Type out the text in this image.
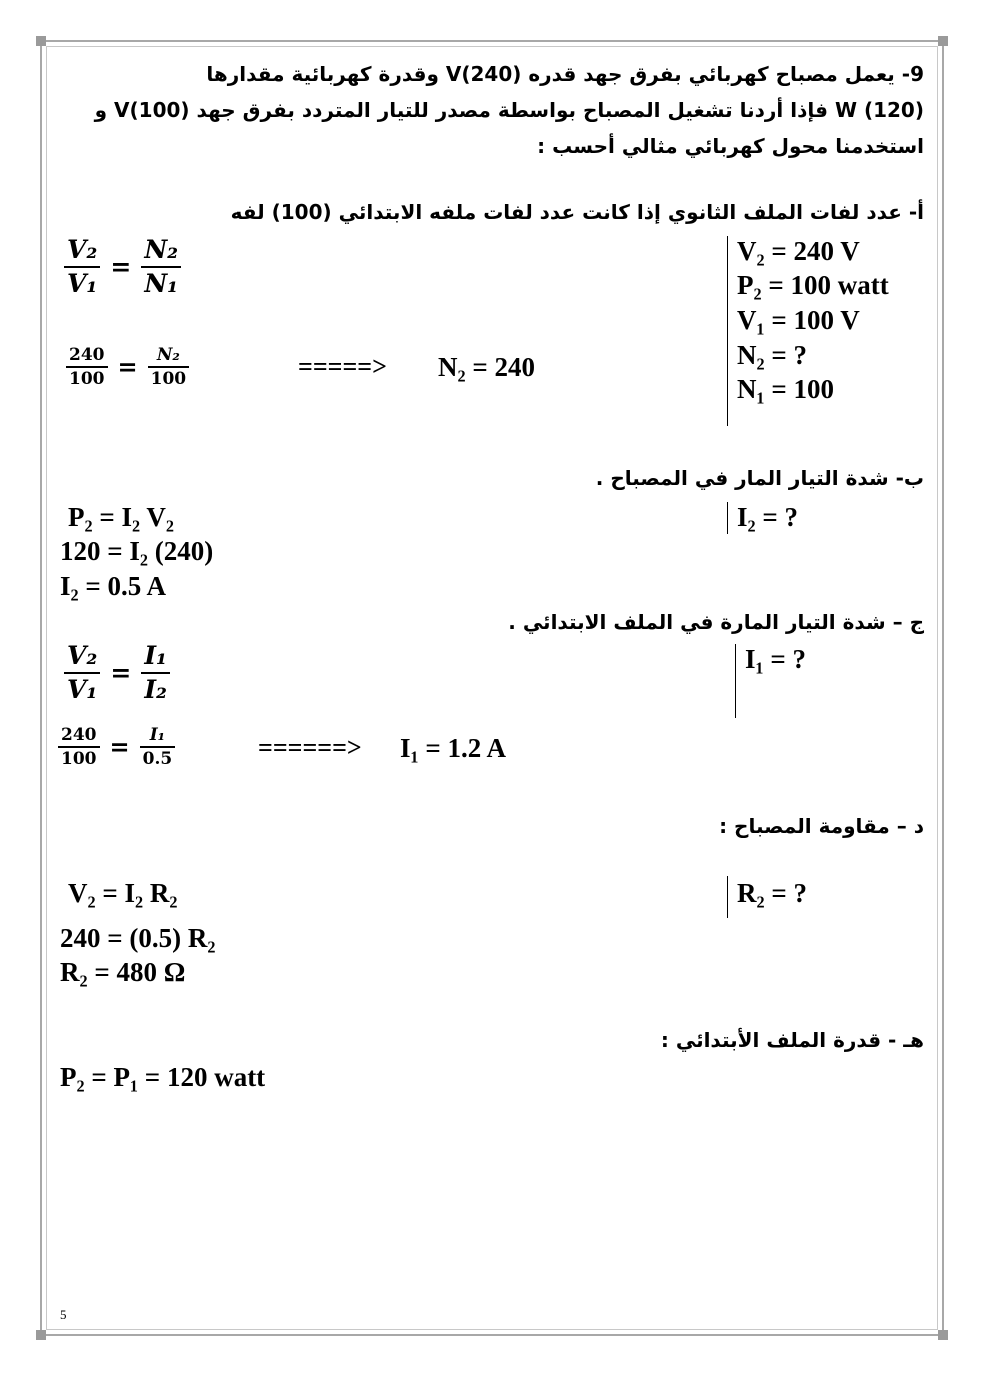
9- يعمل مصباح كهربائي بفرق جهد قدره V(240) وقدرة كهربائية مقدارها
W (120) فإذا أردنا تشغيل المصباح بواسطة مصدر للتيار المتردد بفرق جهد V(100) و
استخدمنا محول كهربائي مثالي أحسب :
أ- عدد لفات الملف الثانوي إذا كانت عدد لفات ملفه الابتدائي (100) لفه
$\frac{\text{V₂}}{\text{V₁}} = \frac{\text{N₂}}{\text{N₁}}$
$\frac{240}{100} = \frac{\text{N₂}}{100}$	=====> N₂ = 240
V₂ = 240 V
P₂ = 100 watt
V₁ = 100 V
N₂ = ?
N₁ = 100
ب- شدة التيار المار في المصباح .
I₂ = ?
P₂ = I₂ V₂
120 = I₂ (240)
I₂ = 0.5 A
ج – شدة التيار المارة في الملف الابتدائي .
I₁ = ?
$\frac{\text{V₂}}{\text{V₁}} = \frac{\text{I₁}}{\text{I₂}}$
$\frac{240}{100} = \frac{\text{I₁}}{0.5}$	======> I₁ = 1.2 A
د – مقاومة المصباح :
R₂ = ?
V₂ = I₂ R₂
240 = (0.5) R₂
R₂ = 480 Ω
هـ - قدرة الملف الأبتدائي :
P₂ = P₁ = 120 watt
5
